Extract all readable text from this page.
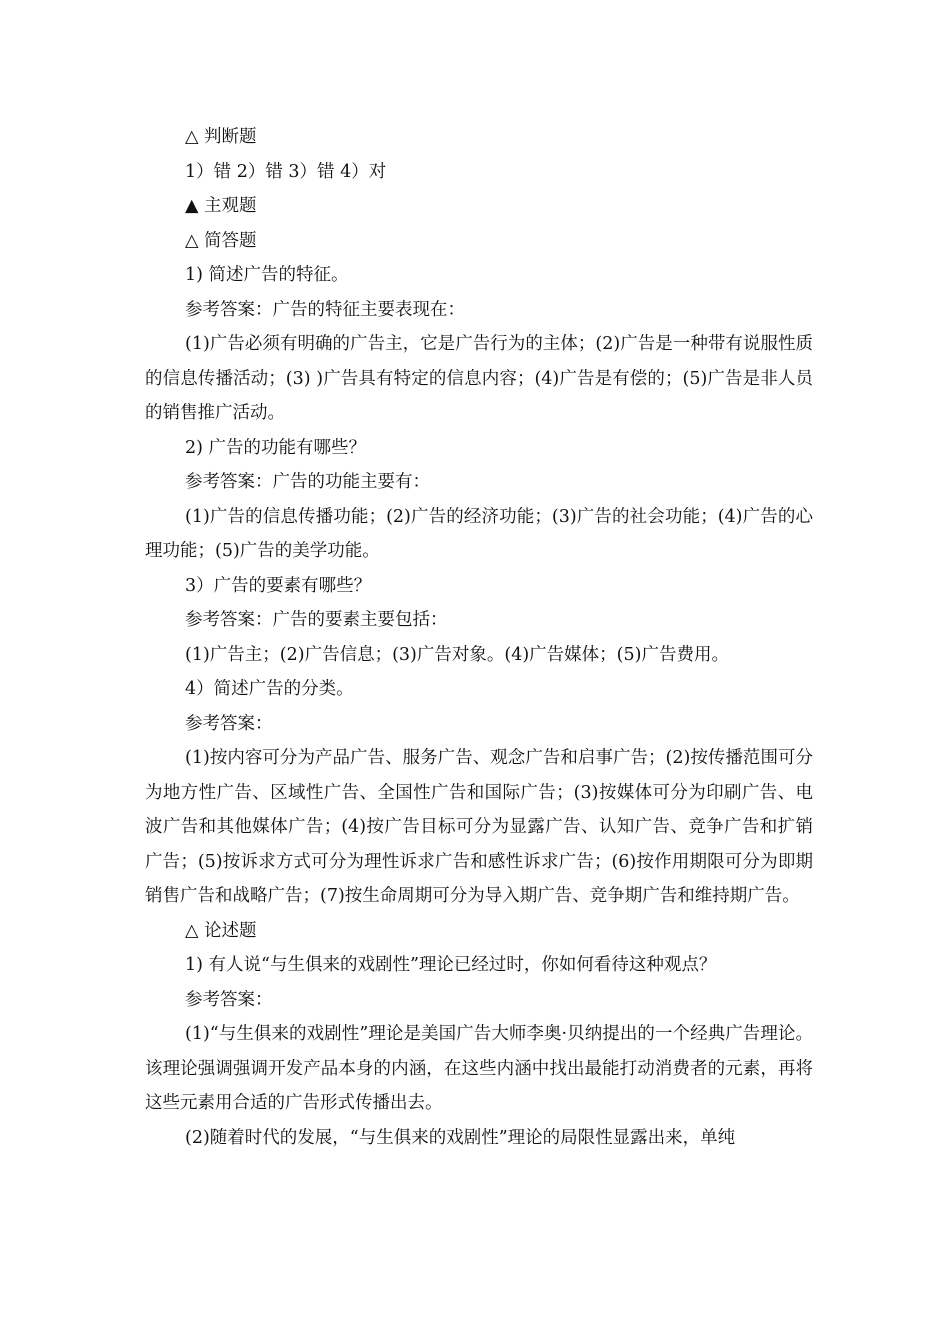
△ 判断题
1）错 2）错 3）错 4）对
▲ 主观题
△ 简答题
1) 简述广告的特征。
参考答案：广告的特征主要表现在：

(1)广告必须有明确的广告主，它是广告行为的主体；(2)广告是一种带有说服性质的信息传播活动；(3) )广告具有特定的信息内容；(4)广告是有偿的；(5)广告是非人员的销售推广活动。

2) 广告的功能有哪些？
参考答案：广告的功能主要有：

(1)广告的信息传播功能；(2)广告的经济功能；(3)广告的社会功能；(4)广告的心理功能；(5)广告的美学功能。

3）广告的要素有哪些？
参考答案：广告的要素主要包括：

(1)广告主；(2)广告信息；(3)广告对象。(4)广告媒体；(5)广告费用。

4）简述广告的分类。
参考答案：

(1)按内容可分为产品广告、服务广告、观念广告和启事广告；(2)按传播范围可分为地方性广告、区域性广告、全国性广告和国际广告；(3)按媒体可分为印刷广告、电波广告和其他媒体广告；(4)按广告目标可分为显露广告、认知广告、竞争广告和扩销广告；(5)按诉求方式可分为理性诉求广告和感性诉求广告；(6)按作用期限可分为即期销售广告和战略广告；(7)按生命周期可分为导入期广告、竞争期广告和维持期广告。

△ 论述题
1) 有人说“与生俱来的戏剧性”理论已经过时，你如何看待这种观点？
参考答案：

(1)“与生俱来的戏剧性”理论是美国广告大师李奥·贝纳提出的一个经典广告理论。该理论强调强调开发产品本身的内涵，在这些内涵中找出最能打动消费者的元素，再将这些元素用合适的广告形式传播出去。

(2)随着时代的发展，“与生俱来的戏剧性”理论的局限性显露出来，单纯
